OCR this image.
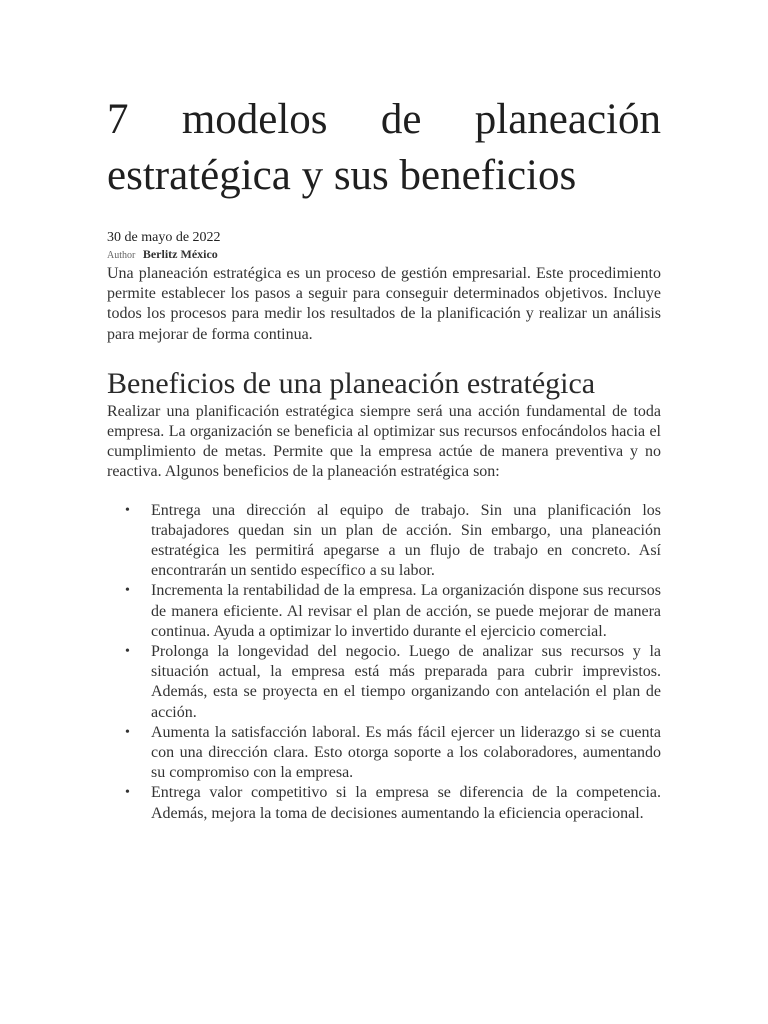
7 modelos de planeación
estratégica y sus beneficios
30 de mayo de 2022
Author Berlitz México

Una planeación estratégica es un proceso de gestión empresarial. Este procedimiento permite establecer los pasos a seguir para conseguir determinados objetivos. Incluye todos los procesos para medir los resultados de la planificación y realizar un análisis para mejorar de forma continua.

Beneficios de una planeación estratégica

Realizar una planificación estratégica siempre será una acción fundamental de toda empresa. La organización se beneficia al optimizar sus recursos enfocándolos hacia el cumplimiento de metas. Permite que la empresa actúe de manera preventiva y no reactiva. Algunos beneficios de la planeación estratégica son:

• Entrega una dirección al equipo de trabajo. Sin una planificación los trabajadores quedan sin un plan de acción. Sin embargo, una planeación estratégica les permitirá apegarse a un flujo de trabajo en concreto. Así encontrarán un sentido específico a su labor.
• Incrementa la rentabilidad de la empresa. La organización dispone sus recursos de manera eficiente. Al revisar el plan de acción, se puede mejorar de manera continua. Ayuda a optimizar lo invertido durante el ejercicio comercial.
• Prolonga la longevidad del negocio. Luego de analizar sus recursos y la situación actual, la empresa está más preparada para cubrir imprevistos. Además, esta se proyecta en el tiempo organizando con antelación el plan de acción.
• Aumenta la satisfacción laboral. Es más fácil ejercer un liderazgo si se cuenta con una dirección clara. Esto otorga soporte a los colaboradores, aumentando su compromiso con la empresa.
• Entrega valor competitivo si la empresa se diferencia de la competencia. Además, mejora la toma de decisiones aumentando la eficiencia operacional.
